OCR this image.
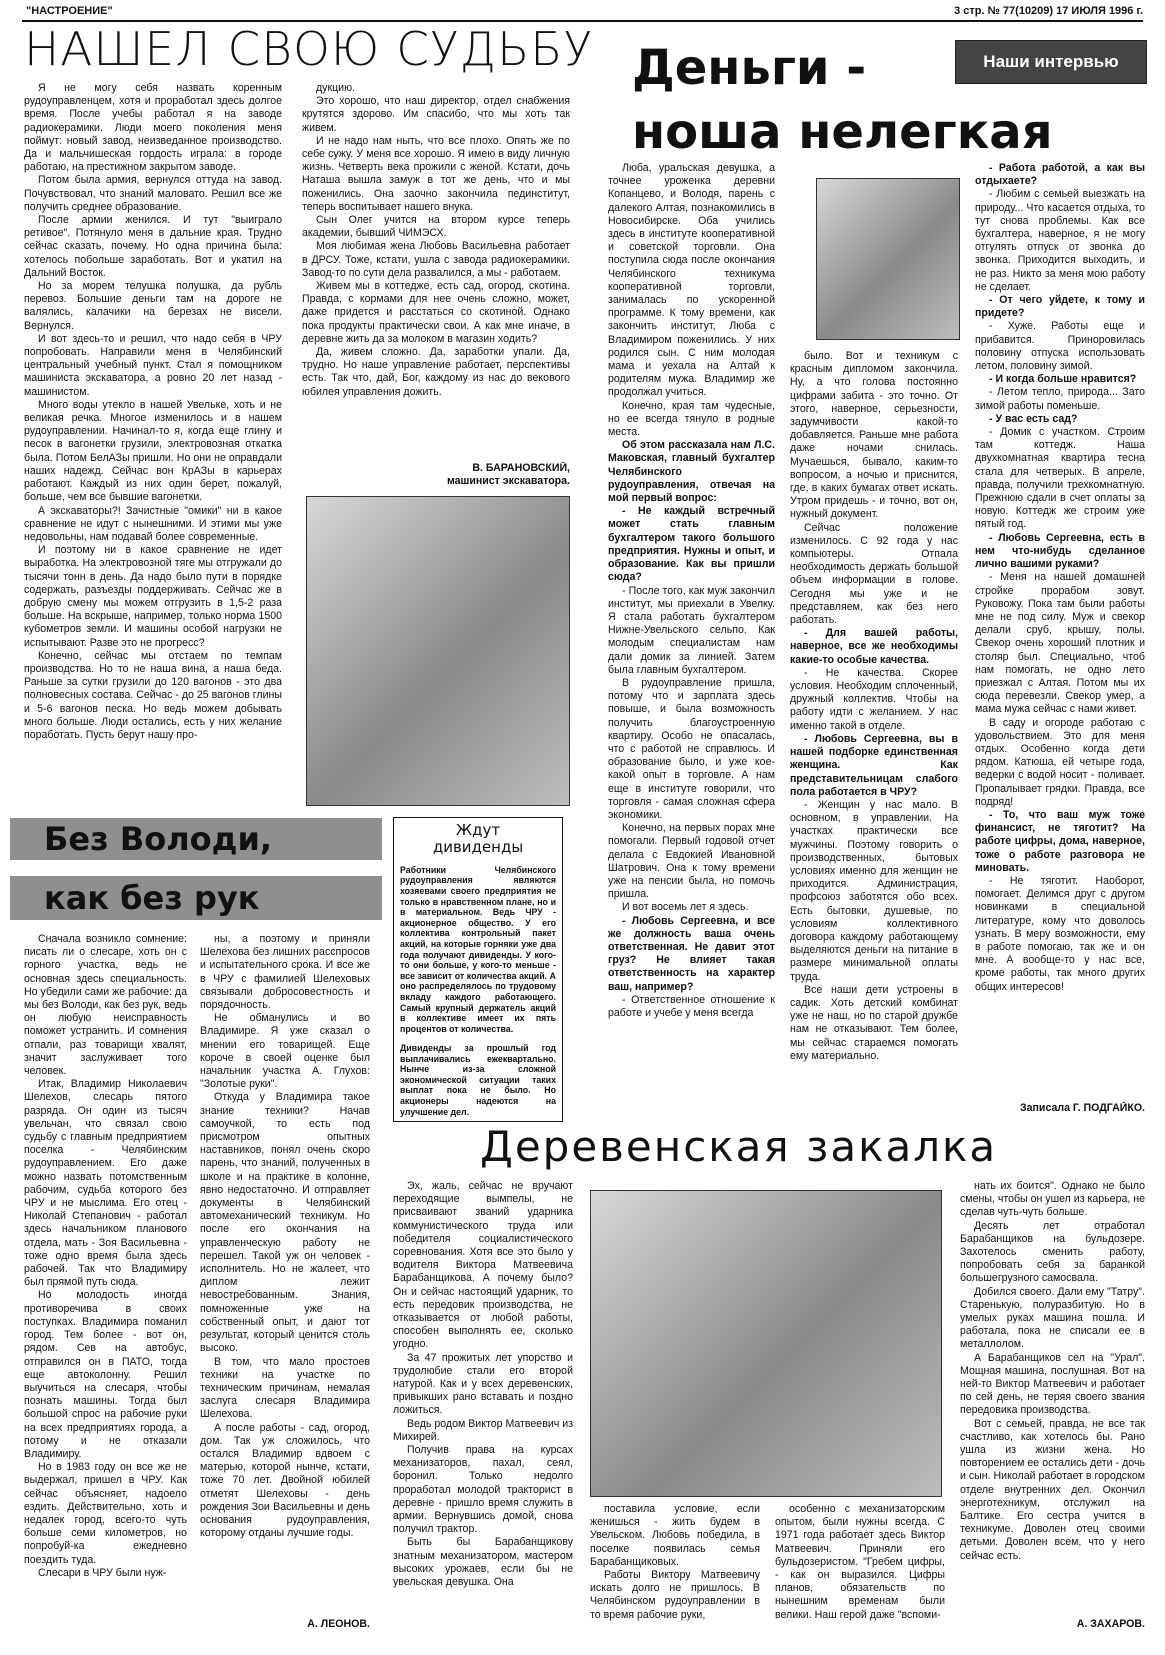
"НАСТРОЕНИЕ"	3 стр. № 77(10209) 17 ИЮЛЯ 1996 г.
НАШЕЛ СВОЮ СУДЬБУ

Я не могу себя назвать коренным рудоуправленцем, хотя и проработал здесь долгое время. После учебы работал я на заводе радиокерамики. Люди моего поколения меня поймут: новый завод, неизведанное производство. Да и мальчишеская гордость играла: в городе работаю, на престижном закрытом заводе.

Потом была армия, вернулся оттуда на завод. Почувствовал, что знаний маловато. Решил все же получить среднее образование.

После армии женился. И тут "выиграло ретивое". Потянуло меня в дальние края. Трудно сейчас сказать, почему. Но одна причина была: хотелось побольше заработать. Вот и укатил на Дальний Восток.

Но за морем телушка полушка, да рубль перевоз. Большие деньги там на дороге не валялись, калачики на березах не висели. Вернулся.

И вот здесь-то и решил, что надо себя в ЧРУ попробовать. Направили меня в Челябинский центральный учебный пункт. Стал я помощником машиниста экскаватора, а ровно 20 лет назад - машинистом.

Много воды утекло в нашей Увельке, хоть и не великая речка. Многое изменилось и в нашем рудоуправлении. Начинал-то я, когда еще глину и песок в вагонетки грузили, электровозная откатка была. Потом БелАЗы пришли. Но они не оправдали наших надежд. Сейчас вон КрАЗы в карьерах работают. Каждый из них один берет, пожалуй, больше, чем все бывшие вагонетки.

А экскаваторы?! Зачистные "омики" ни в какое сравнение не идут с нынешними. И этими мы уже недовольны, нам подавай более современные.

И поэтому ни в какое сравнение не идет выработка. На электровозной тяге мы отгружали до тысячи тонн в день. Да надо было пути в порядке содержать, разъезды поддерживать. Сейчас же в добрую смену мы можем отгрузить в 1,5-2 раза больше. На вскрыше, например, только норма 1500 кубометров земли. И машины особой нагрузки не испытывают. Разве это не прогресс?

Конечно, сейчас мы отстаем по темпам производства. Но то не наша вина, а наша беда. Раньше за сутки грузили до 120 вагонов - это два полновесных состава. Сейчас - до 25 вагонов глины и 5-6 вагонов песка. Но ведь можем добывать много больше. Люди остались, есть у них желание поработать. Пусть берут нашу про-

дукцию.

Это хорошо, что наш директор, отдел снабжения крутятся здорово. Им спасибо, что мы хоть так живем.

И не надо нам ныть, что все плохо. Опять же по себе сужу. У меня все хорошо. Я имею в виду личную жизнь. Четверть века прожили с женой. Кстати, дочь Наташа вышла замуж в тот же день, что и мы поженились. Она заочно закончила пединститут, теперь воспитывает нашего внука.

Сын Олег учится на втором курсе теперь академии, бывший ЧИМЭСХ.

Моя любимая жена Любовь Васильевна работает в ДРСУ. Тоже, кстати, ушла с завода радиокерамики. Завод-то по сути дела развалился, а мы - работаем.

Живем мы в коттедже, есть сад, огород, скотина. Правда, с кормами для нее очень сложно, может, даже придется и расстаться со скотиной. Однако пока продукты практически свои. А как мне иначе, в деревне жить да за молоком в магазин ходить?

Да, живем сложно. Да, заработки упали. Да, трудно. Но наше управление работает, перспективы есть. Так что, дай, Бог, каждому из нас до векового юбилея управления дожить.

В. БАРАНОВСКИЙ,

машинист экскаватора.

Деньги -
ноша нелегкая
Наши интервью

Люба, уральская девушка, а точнее уроженка деревни Копанцево, и Володя, парень с далекого Алтая, познакомились в Новосибирске. Оба учились здесь в институте кооперативной и советской торговли. Она поступила сюда после окончания Челябинского техникума кооперативной торговли, занималась по ускоренной программе. К тому времени, как закончить институт, Люба с Владимиром поженились. У них родился сын. С ним молодая мама и уехала на Алтай к родителям мужа. Владимир же продолжал учиться.

Конечно, края там чудесные, но ее всегда тянуло в родные места.

Об этом рассказала нам Л.С. Маковская, главный бухгалтер Челябинского рудоуправления, отвечая на мой первый вопрос:

- Не каждый встречный может стать главным бухгалтером такого большого предприятия. Нужны и опыт, и образование. Как вы пришли сюда?

- После того, как муж закончил институт, мы приехали в Увелку. Я стала работать бухгалтером Нижне-Увельского сельпо. Как молодым специалистам нам дали домик за линией. Затем была главным бухгалтером.

В рудоуправление пришла, потому что и зарплата здесь повыше, и была возможность получить благоустроенную квартиру. Особо не опасалась, что с работой не справлюсь. И образование было, и уже кое-какой опыт в торговле. А нам еще в институте говорили, что торговля - самая сложная сфера экономики.

Конечно, на первых порах мне помогали. Первый годовой отчет делала с Евдокией Ивановной Шатрович. Она к тому времени уже на пенсии была, но помочь пришла.

И вот восемь лет я здесь.

- Любовь Сергеевна, и все же должность ваша очень ответственная. Не давит этот груз? Не влияет такая ответственность на характер ваш, например?

- Ответственное отношение к работе и учебе у меня всегда

было. Вот и техникум с красным дипломом закончила. Ну, а что голова постоянно цифрами забита - это точно. От этого, наверное, серьезности, задумчивости какой-то добавляется. Раньше мне работа даже ночами снилась. Мучаешься, бывало, каким-то вопросом, а ночью и приснится, где, в каких бумагах ответ искать. Утром придешь - и точно, вот он, нужный документ.

Сейчас положение изменилось. С 92 года у нас компьютеры. Отпала необходимость держать большой объем информации в голове. Сегодня мы уже и не представляем, как без него работать.

- Для вашей работы, наверное, все же необходимы какие-то особые качества.

- Не качества. Скорее условия. Необходим сплоченный, дружный коллектив. Чтобы на работу идти с желанием. У нас именно такой в отделе.

- Любовь Сергеевна, вы в нашей подборке единственная женщина. Как представительницам слабого пола работается в ЧРУ?

- Женщин у нас мало. В основном, в управлении. На участках практически все мужчины. Поэтому говорить о производственных, бытовых условиях именно для женщин не приходится. Администрация, профсоюз заботятся обо всех. Есть бытовки, душевые, по условиям коллективного договора каждому работающему выделяются деньги на питание в размере минимальной оплаты труда.

Все наши дети устроены в садик. Хоть детский комбинат уже не наш, но по старой дружбе нам не отказывают. Тем более, мы сейчас стараемся помогать ему материально.

- Работа работой, а как вы отдыхаете?

- Любим с семьей выезжать на природу... Что касается отдыха, то тут снова проблемы. Как все бухгалтера, наверное, я не могу отгулять отпуск от звонка до звонка. Приходится выходить, и не раз. Никто за меня мою работу не сделает.

- От чего уйдете, к тому и придете?

- Хуже. Работы еще и прибавится. Приноровилась половину отпуска использовать летом, половину зимой.

- И когда больше нравится?

- Летом тепло, природа... Зато зимой работы поменьше.

- У вас есть сад?

- Домик с участком. Строим там коттедж. Наша двухкомнатная квартира тесна стала для четверых. В апреле, правда, получили трехкомнатную. Прежнюю сдали в счет оплаты за новую. Коттедж же строим уже пятый год.

- Любовь Сергеевна, есть в нем что-нибудь сделанное лично вашими руками?

- Меня на нашей домашней стройке прорабом зовут. Руковожу. Пока там были работы мне не под силу. Муж и свекор делали сруб, крышу, полы. Свекор очень хороший плотник и столяр был. Специально, чтоб нам помогать, не одно лето приезжал с Алтая. Потом мы их сюда перевезли. Свекор умер, а мама мужа сейчас с нами живет.

В саду и огороде работаю с удовольствием. Это для меня отдых. Особенно когда дети рядом. Катюша, ей четыре года, ведерки с водой носит - поливает. Пропалывает грядки. Правда, все подряд!

- То, что ваш муж тоже финансист, не тяготит? На работе цифры, дома, наверное, тоже о работе разговора не миновать.

- Не тяготит. Наоборот, помогает. Делимся друг с другом новинками в специальной литературе, кому что доволось узнать. В меру возможности, ему в работе помогаю, так же и он мне. А вообще-то у нас все, кроме работы, так много других общих интересов!

Записала Г. ПОДГАЙКО.

Без Володи,
как без рук

Сначала возникло сомнение: писать ли о слесаре, хоть он с горного участка, ведь не основная здесь специальность. Но убедили сами же рабочие: да мы без Володи, как без рук, ведь он любую неисправность поможет устранить. И сомнения отпали, раз товарищи хвалят, значит заслуживает того человек.

Итак, Владимир Николаевич Шелехов, слесарь пятого разряда. Он один из тысяч увельчан, что связал свою судьбу с главным предприятием поселка - Челябинским рудоуправлением. Его даже можно назвать потомственным рабочим, судьба которого без ЧРУ и не мыслима. Его отец - Николай Степанович - работал здесь начальником планового отдела, мать - Зоя Васильевна - тоже одно время была здесь рабочей. Так что Владимиру был прямой путь сюда.

Но молодость иногда противоречива в своих поступках. Владимира поманил город. Тем более - вот он, рядом. Сев на автобус, отправился он в ПАТО, тогда еще автоколонну. Решил выучиться на слесаря, чтобы познать машины. Тогда был большой спрос на рабочие руки на всех предприятиях города, а потому и не отказали Владимиру.

Но в 1983 году он все же не выдержал, пришел в ЧРУ. Как сейчас объясняет, надоело ездить. Действительно, хоть и недалек город, всего-то чуть больше семи километров, но попробуй-ка ежедневно поездить туда.

Слесари в ЧРУ были нуж-

ны, а поэтому и приняли Шелехова без лишних расспросов и испытательного срока. И все же в ЧРУ с фамилией Шелеховых связывали добросовестность и порядочность.

Не обманулись и во Владимире. Я уже сказал о мнении его товарищей. Еще короче в своей оценке был начальник участка А. Глухов: "Золотые руки".

Откуда у Владимира такое знание техники? Начав самоучкой, то есть под присмотром опытных наставников, понял очень скоро парень, что знаний, полученных в школе и на практике в колонне, явно недостаточно. И отправляет документы в Челябинский автомеханический техникум. Но после его окончания на управленческую работу не перешел. Такой уж он человек - исполнитель. Но не жалеет, что диплом лежит невостребованным. Знания, помноженные уже на собственный опыт, и дают тот результат, который ценится столь высоко.

В том, что мало простоев техники на участке по техническим причинам, немалая заслуга слесаря Владимира Шелехова.

А после работы - сад, огород, дом. Так уж сложилось, что остался Владимир вдвоем с матерью, которой нынче, кстати, тоже 70 лет. Двойной юбилей отметят Шелеховы - день рождения Зои Васильевны и день основания рудоуправления, которому отданы лучшие годы.

А. ЛЕОНОВ.

Ждут
дивиденды

Работники Челябинского рудоуправления являются хозяевами своего предприятия не только в нравственном плане, но и в материальном. Ведь ЧРУ - акционерное общество. У его коллектива контрольный пакет акций, на которые горняки уже два года получают дивиденды. У кого-то они больше, у кого-то меньше - все зависит от количества акций. А оно распределялось по трудовому вкладу каждого работающего. Самый крупный держатель акций в коллективе имеет их пять процентов от количества.

Дивиденды за прошлый год выплачивались ежеквартально. Нынче из-за сложной экономической ситуации таких выплат пока не было. Но акционеры надеются на улучшение дел.

Деревенская закалка

Эх, жаль, сейчас не вручают переходящие вымпелы, не присваивают званий ударника коммунистического труда или победителя социалистического соревнования. Хотя все это было у водителя Виктора Матвеевича Барабанщикова. А почему было? Он и сейчас настоящий ударник, то есть передовик производства, не отказывается от любой работы, способен выполнять ее, сколько угодно.

За 47 прожитых лет упорство и трудолюбие стали его второй натурой. Как и у всех деревенских, привыкших рано вставать и поздно ложиться.

Ведь родом Виктор Матвеевич из Михирей.

Получив права на курсах механизаторов, пахал, сеял, боронил. Только недолго проработал молодой тракторист в деревне - пришло время служить в армии. Вернувшись домой, снова получил трактор.

Быть бы Барабанщикову знатным механизатором, мастером высоких урожаев, если бы не увельская девушка. Она

поставила условие, если женишься - жить будем в Увельском. Любовь победила, в поселке появилась семья Барабанщиковых.

Работы Виктору Матвеевичу искать долго не пришлось. В Челябинском рудоуправлении в то время рабочие руки,

особенно с механизаторским опытом, были нужны всегда. С 1971 года работает здесь Виктор Матвеевич. Приняли его бульдозеристом. "Гребем цифры, - как он выразился. Цифры планов, обязательств по нынешним временам были велики. Наш герой даже "вспоми-

нать их боится". Однако не было смены, чтобы он ушел из карьера, не сделав чуть-чуть больше.

Десять лет отработал Барабанщиков на бульдозере. Захотелось сменить работу, попробовать себя за баранкой большегрузного самосвала.

Добился своего. Дали ему "Татру". Старенькую, полуразбитую. Но в умелых руках машина пошла. И работала, пока не списали ее в металлолом.

А Барабанщиков сел на "Урал". Мощная машина, послушная. Вот на ней-то Виктор Матвеевич и работает по сей день, не теряя своего звания передовика производства.

Вот с семьей, правда, не все так счастливо, как хотелось бы. Рано ушла из жизни жена. Но повторением ее остались дети - дочь и сын. Николай работает в городском отделе внутренних дел. Окончил энерготехникум, отслужил на Балтике. Его сестра учится в техникуме. Доволен отец своими детьми. Доволен всем, что у него сейчас есть.

А. ЗАХАРОВ.
